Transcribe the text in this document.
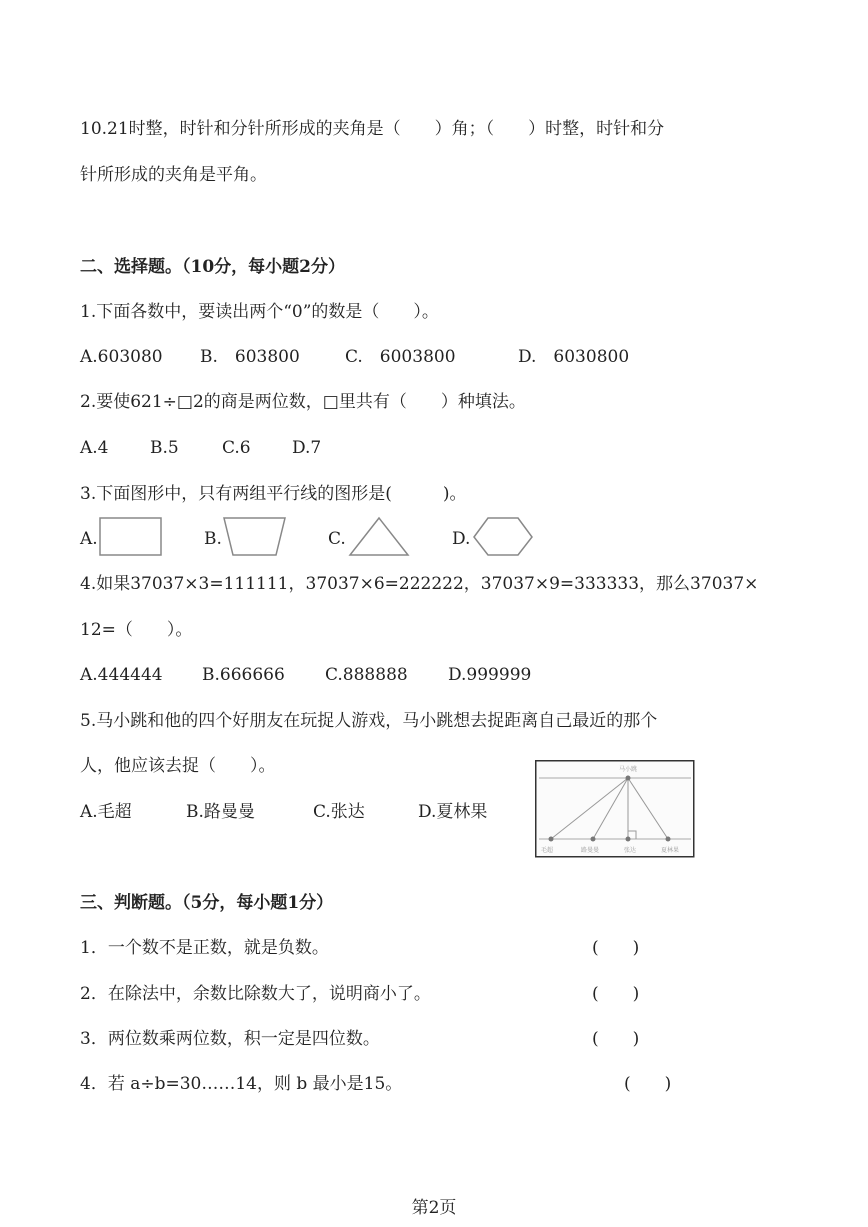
10.21时整，时针和分针所形成的夹角是（　　）角；（　　）时整，时针和分
针所形成的夹角是平角。
二、选择题。（10分，每小题2分）
1.下面各数中，要读出两个“0”的数是（　　）。
A.603080 B.　603800	C.　6003800	D.　6030800
2.要使621÷□2的商是两位数，□里共有（　　）种填法。
A.4 B.5	C.6 D.7
3.下面图形中，只有两组平行线的图形是(　　　)。
A.	B.	C.	D.
4.如果37037×3=111111，37037×6=222222，37037×9=333333，那么37037×
12=（　　）。
A.444444 B.666666 C.888888 D.999999
5.马小跳和他的四个好朋友在玩捉人游戏，马小跳想去捉距离自己最近的那个
人，他应该去捉（　　）。
A.毛超	B.路曼曼	C.张达	D.夏林果
马小跳
毛超	路曼曼	张达	夏林果
三、判断题。（5分，每小题1分）
1．一个数不是正数，就是负数。	(　　)
2．在除法中，余数比除数大了，说明商小了。	(　　)
3．两位数乘两位数，积一定是四位数。	(　　)
4．若 a÷b=30……14，则 b 最小是15。	(　　)
第2页
